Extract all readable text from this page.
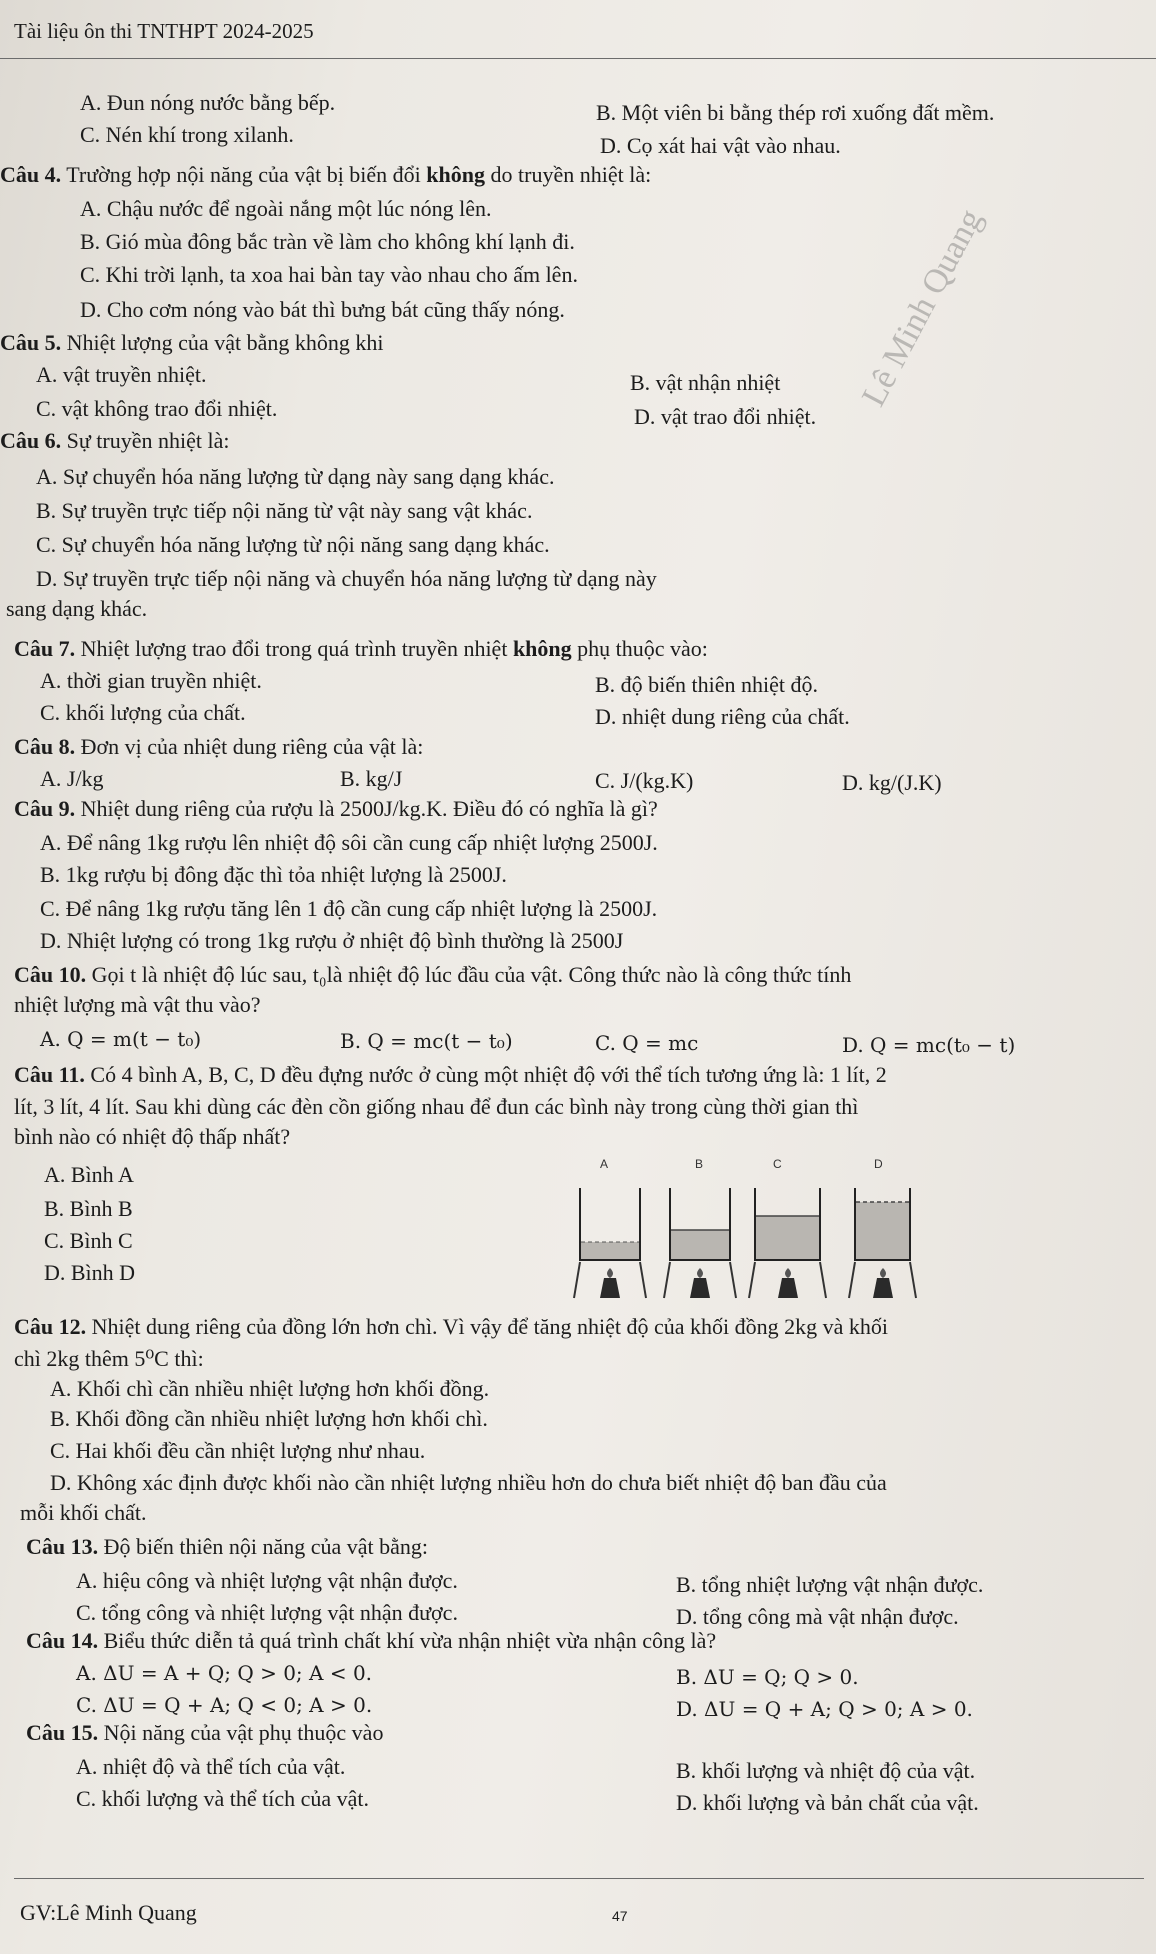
Tài liệu ôn thi TNTHPT 2024-2025
Lê Minh Quang
A. Đun nóng nước bằng bếp.	B. Một viên bi bằng thép rơi xuống đất mềm.
C. Nén khí trong xilanh.	D. Cọ xát hai vật vào nhau.
Câu 4. Trường hợp nội năng của vật bị biến đổi không do truyền nhiệt là:
A. Chậu nước để ngoài nắng một lúc nóng lên.
B. Gió mùa đông bắc tràn về làm cho không khí lạnh đi.
C. Khi trời lạnh, ta xoa hai bàn tay vào nhau cho ấm lên.
D. Cho cơm nóng vào bát thì bưng bát cũng thấy nóng.
Câu 5. Nhiệt lượng của vật bằng không khi
A. vật truyền nhiệt.	B. vật nhận nhiệt
C. vật không trao đổi nhiệt.	D. vật trao đổi nhiệt.
Câu 6. Sự truyền nhiệt là:
A. Sự chuyển hóa năng lượng từ dạng này sang dạng khác.
B. Sự truyền trực tiếp nội năng từ vật này sang vật khác.
C. Sự chuyển hóa năng lượng từ nội năng sang dạng khác.
D. Sự truyền trực tiếp nội năng và chuyển hóa năng lượng từ dạng này
sang dạng khác.
Câu 7. Nhiệt lượng trao đổi trong quá trình truyền nhiệt không phụ thuộc vào:
A. thời gian truyền nhiệt.	B. độ biến thiên nhiệt độ.
C. khối lượng của chất.	D. nhiệt dung riêng của chất.
Câu 8. Đơn vị của nhiệt dung riêng của vật là:
A. J/kg	B. kg/J	C. J/(kg.K)	D. kg/(J.K)
Câu 9. Nhiệt dung riêng của rượu là 2500J/kg.K. Điều đó có nghĩa là gì?
A. Để nâng 1kg rượu lên nhiệt độ sôi cần cung cấp nhiệt lượng 2500J.
B. 1kg rượu bị đông đặc thì tỏa nhiệt lượng là 2500J.
C. Để nâng 1kg rượu tăng lên 1 độ cần cung cấp nhiệt lượng là 2500J.
D. Nhiệt lượng có trong 1kg rượu ở nhiệt độ bình thường là 2500J
Câu 10. Gọi t là nhiệt độ lúc sau, t₀là nhiệt độ lúc đầu của vật. Công thức nào là công thức tính
nhiệt lượng mà vật thu vào?
A. Q = m(t − t₀)	B. Q = mc(t − t₀)	C. Q = mc	D. Q = mc(t₀ − t)
Câu 11. Có 4 bình A, B, C, D đều đựng nước ở cùng một nhiệt độ với thể tích tương ứng là: 1 lít, 2
lít, 3 lít, 4 lít. Sau khi dùng các đèn cồn giống nhau để đun các bình này trong cùng thời gian thì
bình nào có nhiệt độ thấp nhất?
A. Bình A
B. Bình B
C. Bình C
D. Bình D
A	B	C	D
Câu 12. Nhiệt dung riêng của đồng lớn hơn chì. Vì vậy để tăng nhiệt độ của khối đồng 2kg và khối
chì 2kg thêm 5⁰C thì:
A. Khối chì cần nhiều nhiệt lượng hơn khối đồng.
B. Khối đồng cần nhiều nhiệt lượng hơn khối chì.
C. Hai khối đều cần nhiệt lượng như nhau.
D. Không xác định được khối nào cần nhiệt lượng nhiều hơn do chưa biết nhiệt độ ban đầu của
mỗi khối chất.
Câu 13. Độ biến thiên nội năng của vật bằng:
A. hiệu công và nhiệt lượng vật nhận được.	B. tổng nhiệt lượng vật nhận được.
C. tổng công và nhiệt lượng vật nhận được.	D. tổng công mà vật nhận được.
Câu 14. Biểu thức diễn tả quá trình chất khí vừa nhận nhiệt vừa nhận công là?
A. ΔU = A + Q; Q > 0; A < 0.	B. ΔU = Q; Q > 0.
C. ΔU = Q + A; Q < 0; A > 0.	D. ΔU = Q + A; Q > 0; A > 0.
Câu 15. Nội năng của vật phụ thuộc vào
A. nhiệt độ và thể tích của vật.	B. khối lượng và nhiệt độ của vật.
C. khối lượng và thể tích của vật.	D. khối lượng và bản chất của vật.
GV:Lê Minh Quang	47
